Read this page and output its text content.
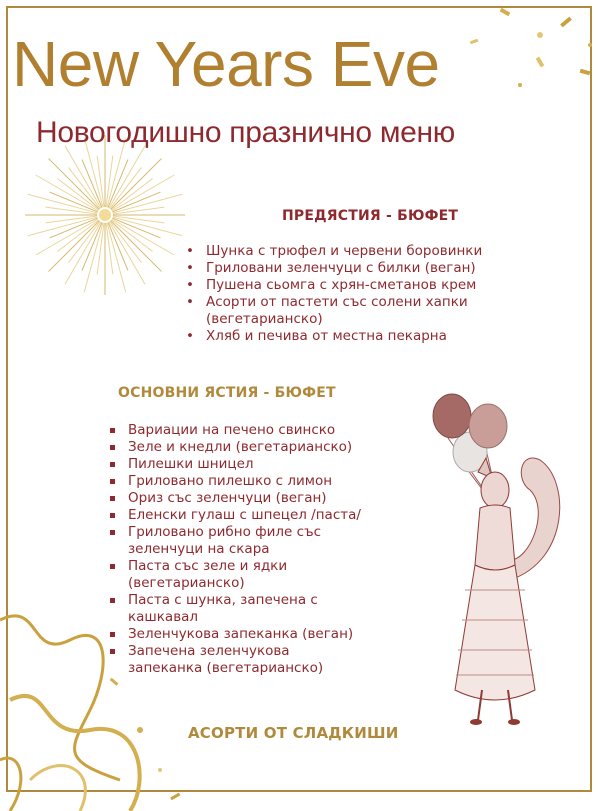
New Years Eve
Новогодишно празнично меню
ПРЕДЯСТИЯ - БЮФЕТ
• Шунка с трюфел и червени боровинки
• Гриловани зеленчуци с билки (веган)
• Пушена сьомга с хрян-сметанов крем
• Асорти от пастети със солени хапки (вегетарианско)
• Хляб и печива от местна пекарна
ОСНОВНИ ЯСТИЯ - БЮФЕТ
Вариации на печено свинско
Зеле и кнедли (вегетарианско)
Пилешки шницел
Гриловано пилешко с лимон
Ориз със зеленчуци (веган)
Еленски гулаш с шпецел /паста/
Гриловано рибно филе със зеленчуци на скара
Паста със зеле и ядки (вегетарианско)
Паста с шунка, запечена с кашкавал
Зеленчукова запеканка (веган)
Запечена зеленчукова запеканка (вегетарианско)
АСОРТИ ОТ СЛАДКИШИ
